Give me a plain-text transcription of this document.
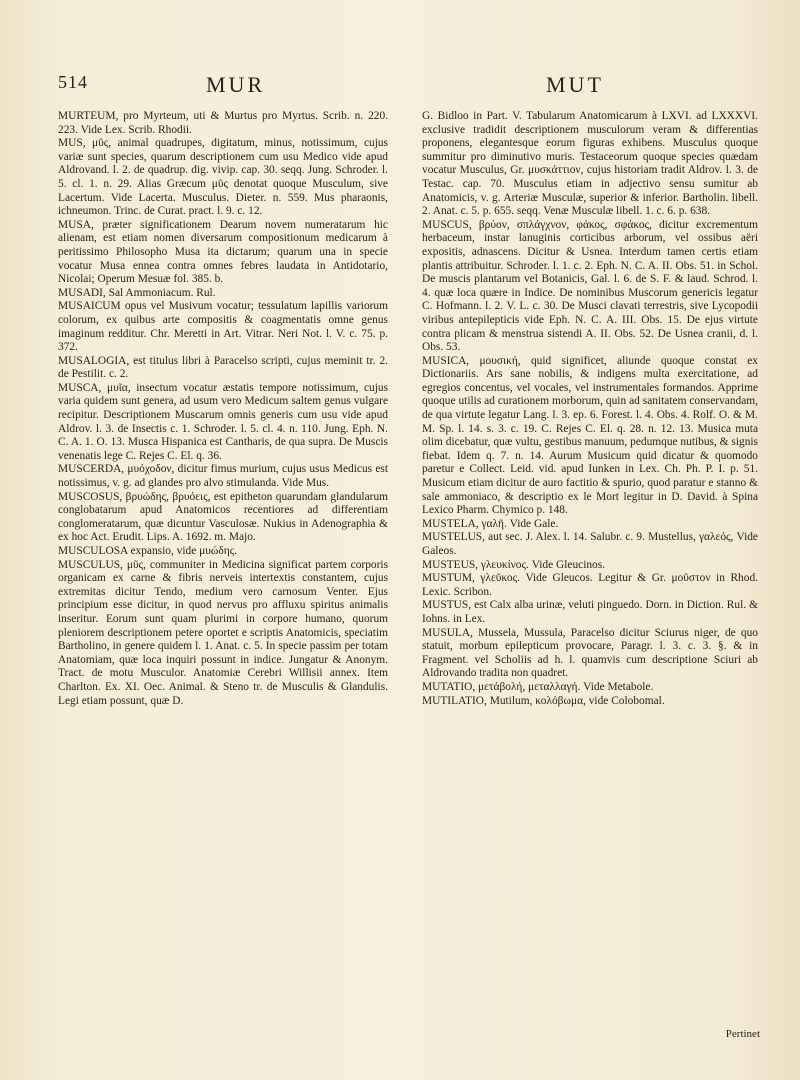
514	MUR	MUT

MURTEUM, pro Myrteum, uti & Murtus pro Myrtus. Scrib. n. 220. 223. Vide Lex. Scrib. Rhodii.

MUS, μῦς, animal quadrupes, digitatum, minus, notissimum, cujus variæ sunt species, quarum descriptionem cum usu Medico vide apud Aldrovand. l. 2. de quadrup. dig. vivip. cap. 30. seqq. Jung. Schroder. l. 5. cl. 1. n. 29. Alias Græcum μῦς denotat quoque Musculum, sive Lacertum. Vide Lacerta. Musculus. Dieter. n. 559. Mus pharaonis, ichneumon. Trinc. de Curat. pract. l. 9. c. 12.

MUSA, præter significationem Dearum novem numeratarum hic alienam, est etiam nomen diversarum compositionum medicarum à peritissimo Philosopho Musa ita dictarum; quarum una in specie vocatur Musa ennea contra omnes febres laudata in Antidotario, Nicolai; Operum Mesuæ fol. 385. b.

MUSADI, Sal Ammoniacum. Rul.

MUSAICUM opus vel Musivum vocatur; tessulatum lapillis variorum colorum, ex quibus arte compositis & coagmentatis omne genus imaginum redditur. Chr. Meretti in Art. Vitrar. Neri Not. l. V. c. 75. p. 372.

MUSALOGIA, est titulus libri à Paracelso scripti, cujus meminit tr. 2. de Pestilit. c. 2.

MUSCA, μυῖα, insectum vocatur æstatis tempore notissimum, cujus varia quidem sunt genera, ad usum vero Medicum saltem genus vulgare recipitur. Descriptionem Muscarum omnis generis cum usu vide apud Aldrov. l. 3. de Insectis c. 1. Schroder. l. 5. cl. 4. n. 110. Jung. Eph. N. C. A. 1. O. 13. Musca Hispanica est Cantharis, de qua supra. De Muscis venenatis lege C. Rejes C. El. q. 36.

MUSCERDA, μυόχοδον, dicitur fimus murium, cujus usus Medicus est notissimus, v. g. ad glandes pro alvo stimulanda. Vide Mus.

MUSCOSUS, βρυώδης, βρυόεις, est epitheton quarundam glandularum conglobatarum apud Anatomicos recentiores ad differentiam conglomeratarum, quæ dicuntur Vasculosæ. Nukius in Adenographia & ex hoc Act. Erudit. Lips. A. 1692. m. Majo.

MUSCULOSA expansio, vide μυώδης.

MUSCULUS, μῦς, communiter in Medicina significat partem corporis organicam ex carne & fibris nerveis intertextis constantem, cujus extremitas dicitur Tendo, medium vero carnosum Venter. Ejus principium esse dicitur, in quod nervus pro affluxu spiritus animalis inseritur. Eorum sunt quam plurimi in corpore humano, quorum pleniorem descriptionem petere oportet e scriptis Anatomicis, speciatim Bartholino, in genere quidem l. 1. Anat. c. 5. In specie passim per totam Anatomiam, quæ loca inquiri possunt in indice. Jungatur & Anonym. Tract. de motu Musculor. Anatomiæ Cerebri Willisii annex. Item Charlton. Ex. XI. Oec. Animal. & Steno tr. de Musculis & Glandulis. Legi etiam possunt, quæ D.

G. Bidloo in Part. V. Tabularum Anatomicarum à LXVI. ad LXXXVI. exclusive tradidit descriptionem musculorum veram & differentias proponens, elegantesque eorum figuras exhibens. Musculus quoque summitur pro diminutivo muris. Testaceorum quoque species quædam vocatur Musculus, Gr. μυσκάττιον, cujus historiam tradit Aldrov. l. 3. de Testac. cap. 70. Musculus etiam in adjectivo sensu sumitur ab Anatomicis, v. g. Arteriæ Musculæ, superior & inferior. Bartholin. libell. 2. Anat. c. 5. p. 655. seqq. Venæ Musculæ libell. 1. c. 6. p. 638.

MUSCUS, βρύον, σπλάγχνον, φάκος, σφάκος, dicitur excrementum herbaceum, instar lanuginis corticibus arborum, vel ossibus aëri expositis, adnascens. Dicitur & Usnea. Interdum tamen certis etiam plantis attribuitur. Schroder. l. 1. c. 2. Eph. N. C. A. II. Obs. 51. in Schol. De muscis plantarum vel Botanicis, Gal. l. 6. de S. F. & laud. Schrod. l. 4. quæ loca quære in Indice. De nominibus Muscorum genericis legatur C. Hofmann. l. 2. V. L. c. 30. De Musci clavati terrestris, sive Lycopodii viribus antepilepticis vide Eph. N. C. A. III. Obs. 15. De ejus virtute contra plicam & menstrua sistendi A. II. Obs. 52. De Usnea cranii, d. l. Obs. 53.

MUSICA, μουσική, quid significet, aliunde quoque constat ex Dictionariis. Ars sane nobilis, & indigens multa exercitatione, ad egregios concentus, vel vocales, vel instrumentales formandos. Apprime quoque utilis ad curationem morborum, quin ad sanitatem conservandam, de qua virtute legatur Lang. l. 3. ep. 6. Forest. l. 4. Obs. 4. Rolf. O. & M. M. Sp. l. 14. s. 3. c. 19. C. Rejes C. El. q. 28. n. 12. 13. Musica muta olim dicebatur, quæ vultu, gestibus manuum, pedumque nutibus, & signis fiebat. Idem q. 7. n. 14. Aurum Musicum quid dicatur & quomodo paretur e Collect. Leid. vid. apud Iunken in Lex. Ch. Ph. P. I. p. 51. Musicum etiam dicitur de auro factitio & spurio, quod paratur e stanno & sale ammoniaco, & descriptio ex le Mort legitur in D. David. à Spina Lexico Pharm. Chymico p. 148.

MUSTELA, γαλῆ. Vide Gale.

MUSTELUS, aut sec. J. Alex. l. 14. Salubr. c. 9. Mustellus, γαλεός, Vide Galeos.

MUSTEUS, γλευκίνος. Vide Gleucinos.

MUSTUM, γλεῦκος. Vide Gleucos. Legitur & Gr. μοῦστον in Rhod. Lexic. Scribon.

MUSTUS, est Calx alba urinæ, veluti pinguedo. Dorn. in Diction. Rul. & Iohns. in Lex.

MUSULA, Mussela, Mussula, Paracelso dicitur Sciurus niger, de quo statuit, morbum epilepticum provocare, Paragr. l. 3. c. 3. §. & in Fragment. vel Scholiis ad h. l. quamvis cum descriptione Sciuri ab Aldrovando tradita non quadret.

MUTATIO, μετάβολή, μεταλλαγή. Vide Metabole.

MUTILATIO, Mutilum, κολόβωμα, vide Colobomal.

Pertinet
